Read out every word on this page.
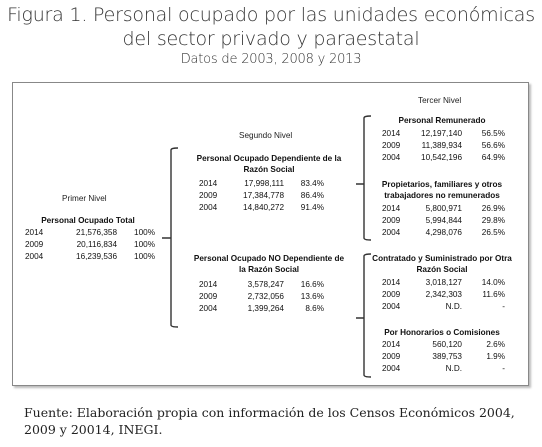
Figura 1. Personal ocupado por las unidades económicas
del sector privado y paraestatal
Datos de 2003, 2008 y 2013
Primer Nivel
Segundo Nivel
Tercer Nivel
Personal Ocupado Total
2014	21,576,358	100%
2009	20,116,834	100%
2004	16,239,536	100%
Personal Ocupado Dependiente de la
Razón Social
2014	17,998,111	83.4%
2009	17,384,778	86.4%
2004	14,840,272	91.4%
Personal Ocupado NO Dependiente de
la Razón Social
2014	3,578,247	16.6%
2009	2,732,056	13.6%
2004	1,399,264	8.6%
Personal Remunerado
2014	12,197,140	56.5%
2009	11,389,934	56.6%
2004	10,542,196	64.9%
Propietarios, familiares y otros
trabajadores no remunerados
2014	5,800,971	26.9%
2009	5,994,844	29.8%
2004	4,298,076	26.5%
Contratado y Suministrado por Otra
Razón Social
2014	3,018,127	14.0%
2009	2,342,303	11.6%
2004	N.D.	-
Por Honorarios o Comisiones
2014	560,120	2.6%
2009	389,753	1.9%
2004	N.D.	-
Fuente: Elaboración propia con información de los Censos Económicos 2004, 2009 y 20014, INEGI.
